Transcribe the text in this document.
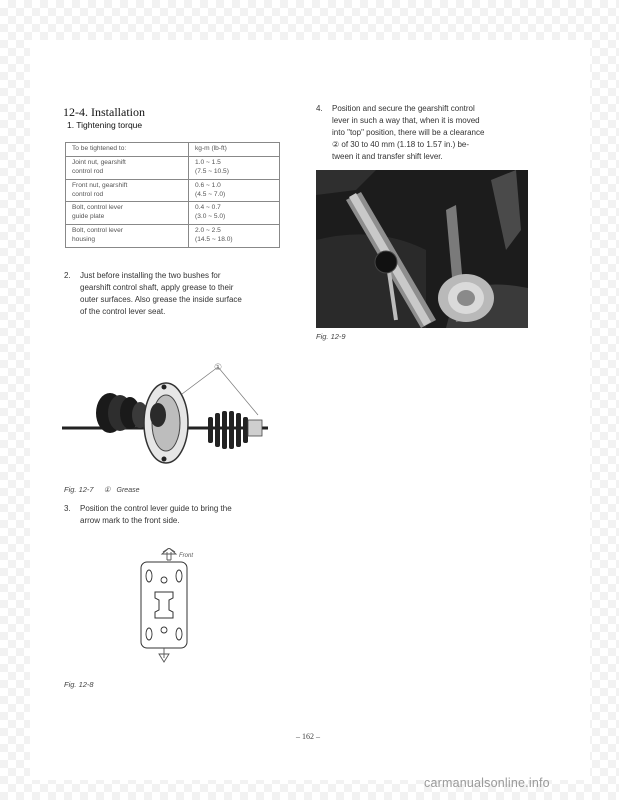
12-4. Installation
1. Tightening torque
To be tightened to:	kg-m (lb-ft)

Joint nut, gearshift
control rod	1.0 ~ 1.5
(7.5 ~ 10.5)

Front nut, gearshift
control rod	0.6 ~ 1.0
(4.5 ~ 7.0)

Bolt, control lever
guide plate	0.4 ~ 0.7
(3.0 ~ 5.0)

Bolt, control lever
housing	2.0 ~ 2.5
(14.5 ~ 18.0)
2. Just before installing the two bushes for
gearshift control shaft, apply grease to their
outer surfaces. Also grease the inside surface
of the control lever seat.
①
Fig. 12-7 ① Grease
3. Position the control lever guide to bring the
arrow mark to the front side.
Front
Fig. 12-8
4. Position and secure the gearshift control
lever in such a way that, when it is moved
into "top" position, there will be a clearance
② of 30 to 40 mm (1.18 to 1.57 in.) be-
tween it and transfer shift lever.
Fig. 12-9
– 162 –
carmanualsonline.info
